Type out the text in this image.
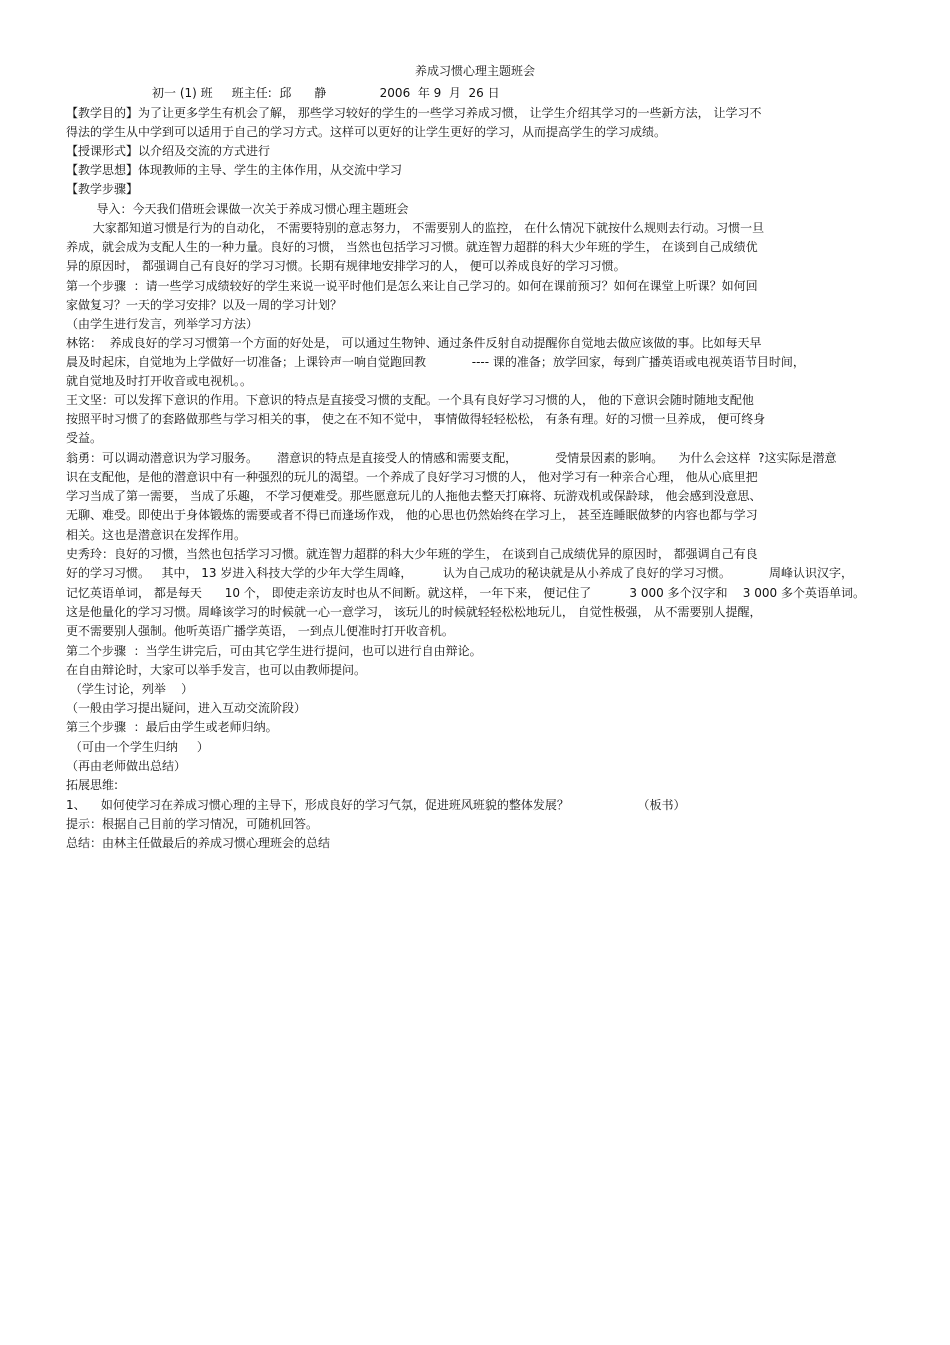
养成习惯心理主题班会
初一 (1) 班     班主任:  邱      静              2006  年 9  月  26 日
【教学目的】为了让更多学生有机会了解， 那些学习较好的学生的一些学习养成习惯， 让学生介绍其学习的一些新方法， 让学习不
得法的学生从中学到可以适用于自己的学习方式。这样可以更好的让学生更好的学习，从而提高学生的学习成绩。
【授课形式】以介绍及交流的方式进行
【教学思想】体现教师的主导、学生的主体作用，从交流中学习
【教学步骤】
导入：今天我们借班会课做一次关于养成习惯心理主题班会
大家都知道习惯是行为的自动化， 不需要特别的意志努力， 不需要别人的监控， 在什么情况下就按什么规则去行动。习惯一旦
养成，就会成为支配人生的一种力量。良好的习惯， 当然也包括学习习惯。就连智力超群的科大少年班的学生， 在谈到自己成绩优
异的原因时， 都强调自己有良好的学习习惯。长期有规律地安排学习的人， 便可以养成良好的学习习惯。
第一个步骤  ：请一些学习成绩较好的学生来说一说平时他们是怎么来让自己学习的。如何在课前预习？如何在课堂上听课？如何回
家做复习？一天的学习安排？以及一周的学习计划？
（由学生进行发言，列举学习方法）
林铭：  养成良好的学习习惯第一个方面的好处是， 可以通过生物钟、通过条件反射自动提醒你自觉地去做应该做的事。比如每天早
晨及时起床，自觉地为上学做好一切准备；上课铃声一响自觉跑回教            ---- 课的准备；放学回家，每到广播英语或电视英语节目时间，
就自觉地及时打开收音或电视机。。
王文坚：可以发挥下意识的作用。下意识的特点是直接受习惯的支配。一个具有良好学习习惯的人， 他的下意识会随时随地支配他
按照平时习惯了的套路做那些与学习相关的事， 使之在不知不觉中， 事情做得轻轻松松， 有条有理。好的习惯一旦养成， 便可终身
受益。
翁勇：可以调动潜意识为学习服务。     潜意识的特点是直接受人的情感和需要支配，          受情景因素的影响。    为什么会这样  ?这实际是潜意
识在支配他，是他的潜意识中有一种强烈的玩儿的渴望。一个养成了良好学习习惯的人， 他对学习有一种亲合心理， 他从心底里把
学习当成了第一需要， 当成了乐趣， 不学习便难受。那些愿意玩儿的人拖他去整天打麻将、玩游戏机或保龄球， 他会感到没意思、
无聊、难受。即使出于身体锻炼的需要或者不得已而逢场作戏， 他的心思也仍然始终在学习上， 甚至连睡眠做梦的内容也都与学习
相关。这也是潜意识在发挥作用。
史秀玲：良好的习惯，当然也包括学习习惯。就连智力超群的科大少年班的学生， 在谈到自己成绩优异的原因时， 都强调自己有良
好的学习习惯。   其中， 13 岁进入科技大学的少年大学生周峰，        认为自己成功的秘诀就是从小养成了良好的学习习惯。          周峰认识汉字，
记忆英语单词， 都是每天      10 个， 即使走亲访友时也从不间断。就这样， 一年下来， 便记住了          3 000 多个汉字和    3 000 多个英语单词。
这是他量化的学习习惯。周峰该学习的时候就一心一意学习， 该玩儿的时候就轻轻松松地玩儿， 自觉性极强， 从不需要别人提醒，
更不需要别人强制。他听英语广播学英语， 一到点儿便准时打开收音机。
第二个步骤  ：当学生讲完后，可由其它学生进行提问，也可以进行自由辩论。
在自由辩论时，大家可以举手发言，也可以由教师提问。
（学生讨论，列举    ）
（一般由学习提出疑问，进入互动交流阶段）
第三个步骤  ：最后由学生或老师归纳。
（可由一个学生归纳     ）
（再由老师做出总结）
拓展思维:
1、    如何使学习在养成习惯心理的主导下，形成良好的学习气氛，促进班风班貌的整体发展？                  （板书）
提示：根据自己目前的学习情况，可随机回答。
总结：由林主任做最后的养成习惯心理班会的总结
